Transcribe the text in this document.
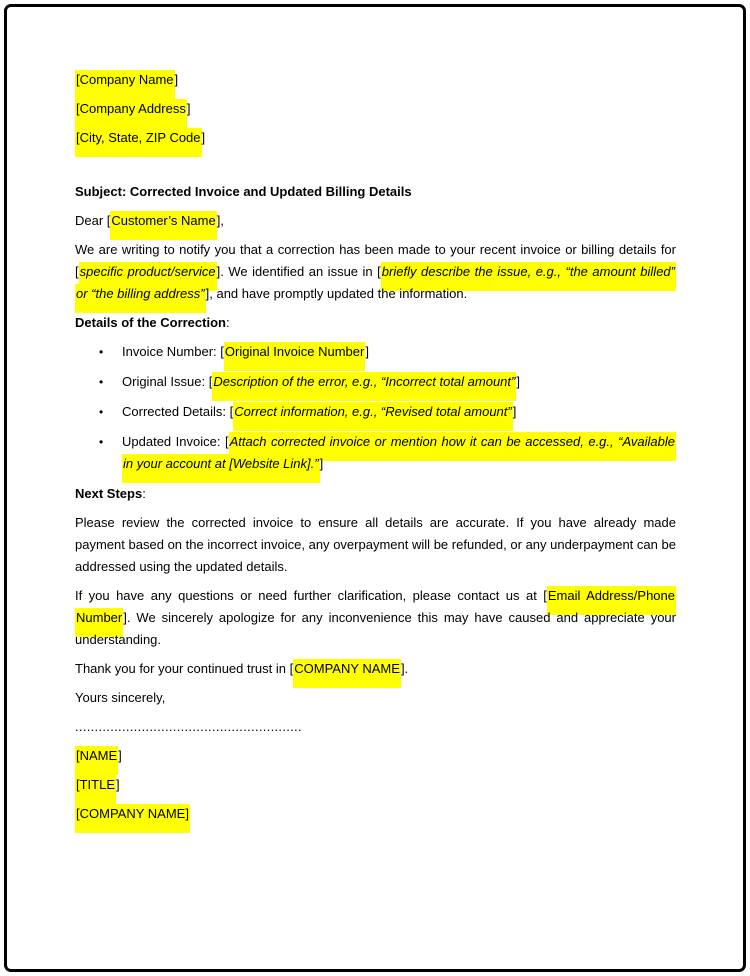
[Company Name]

[Company Address]

[City, State, ZIP Code]

Subject: Corrected Invoice and Updated Billing Details

Dear [Customer’s Name],

We are writing to notify you that a correction has been made to your recent invoice or billing details for [specific product/service]. We identified an issue in [briefly describe the issue, e.g., “the amount billed” or “the billing address”], and have promptly updated the information.

Details of the Correction:

• Invoice Number: [Original Invoice Number]
• Original Issue: [Description of the error, e.g., “Incorrect total amount”]
• Corrected Details: [Correct information, e.g., “Revised total amount”]
• Updated Invoice: [Attach corrected invoice or mention how it can be accessed, e.g., “Available in your account at [Website Link].”]

Next Steps:

Please review the corrected invoice to ensure all details are accurate. If you have already made payment based on the incorrect invoice, any overpayment will be refunded, or any underpayment can be addressed using the updated details.

If you have any questions or need further clarification, please contact us at [Email Address/Phone Number]. We sincerely apologize for any inconvenience this may have caused and appreciate your understanding.

Thank you for your continued trust in [COMPANY NAME].

Yours sincerely,

..........................................................

[NAME]

[TITLE]

[COMPANY NAME]
